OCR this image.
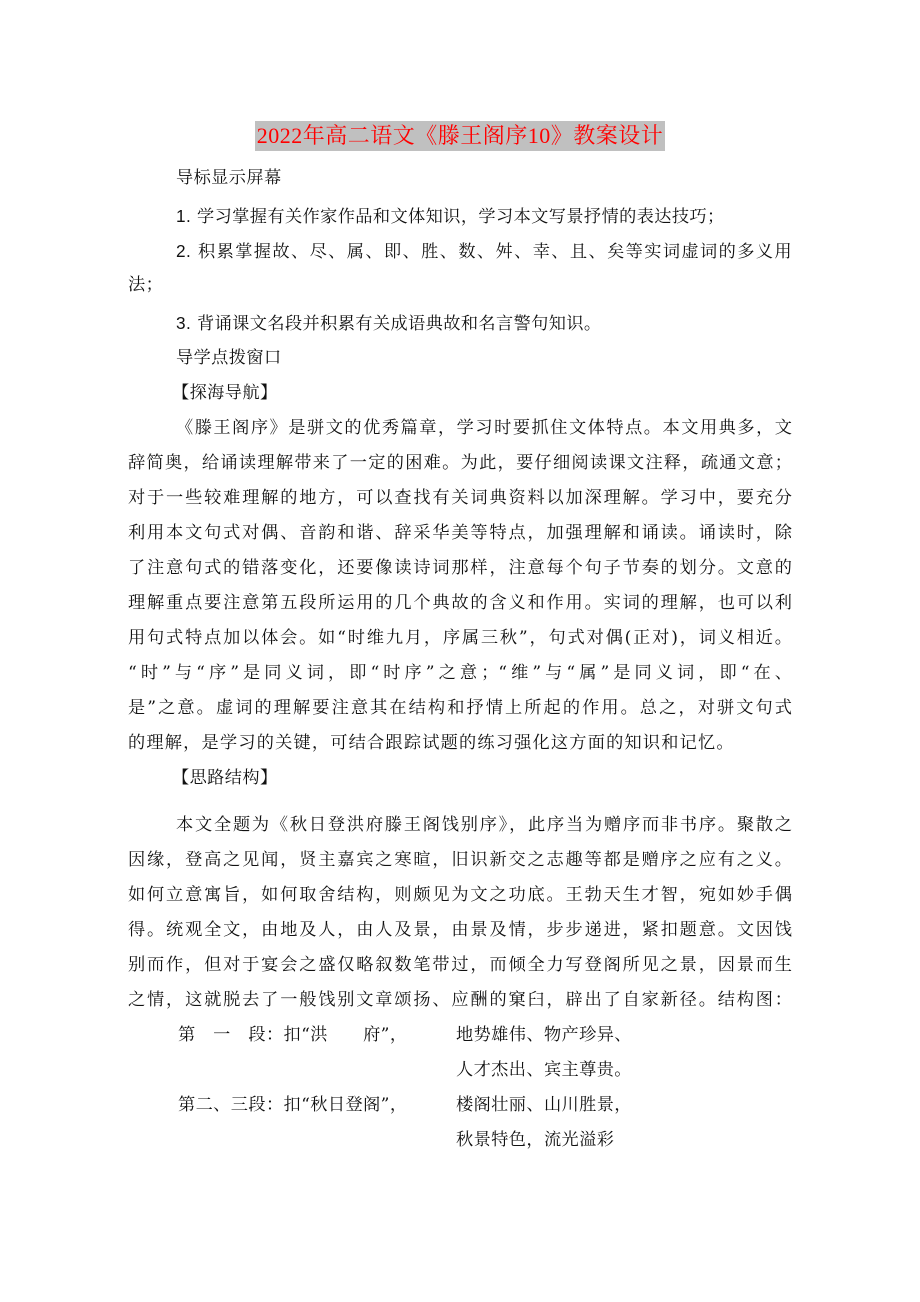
2022年高二语文《滕王阁序10》教案设计
导标显示屏幕
1. 学习掌握有关作家作品和文体知识，学习本文写景抒情的表达技巧；
2. 积累掌握故、尽、属、即、胜、数、舛、幸、且、矣等实词虚词的多义用
法；
3. 背诵课文名段并积累有关成语典故和名言警句知识。
导学点拨窗口
【探海导航】
《滕王阁序》是骈文的优秀篇章，学习时要抓住文体特点。本文用典多，文
辞简奥，给诵读理解带来了一定的困难。为此，要仔细阅读课文注释，疏通文意；
对于一些较难理解的地方，可以查找有关词典资料以加深理解。学习中，要充分
利用本文句式对偶、音韵和谐、辞采华美等特点，加强理解和诵读。诵读时，除
了注意句式的错落变化，还要像读诗词那样，注意每个句子节奏的划分。文意的
理解重点要注意第五段所运用的几个典故的含义和作用。实词的理解，也可以利
用句式特点加以体会。如“时维九月，序属三秋”，句式对偶(正对)，词义相近。
“时”与“序”是同义词，即“时序”之意；“维”与“属”是同义词，即“在、
是”之意。虚词的理解要注意其在结构和抒情上所起的作用。总之，对骈文句式
的理解，是学习的关键，可结合跟踪试题的练习强化这方面的知识和记忆。
【思路结构】
本文全题为《秋日登洪府滕王阁饯别序》，此序当为赠序而非书序。聚散之
因缘，登高之见闻，贤主嘉宾之寒暄，旧识新交之志趣等都是赠序之应有之义。
如何立意寓旨，如何取舍结构，则颇见为文之功底。王勃天生才智，宛如妙手偶
得。统观全文，由地及人，由人及景，由景及情，步步递进，紧扣题意。文因饯
别而作，但对于宴会之盛仅略叙数笔带过，而倾全力写登阁所见之景，因景而生
之情，这就脱去了一般饯别文章颂扬、应酬的窠臼，辟出了自家新径。结构图：
第　一　段：扣“洪　　府”，	地势雄伟、物产珍异、
人才杰出、宾主尊贵。
第二、三段：扣“秋日登阁”，	楼阁壮丽、山川胜景，
秋景特色，流光溢彩
